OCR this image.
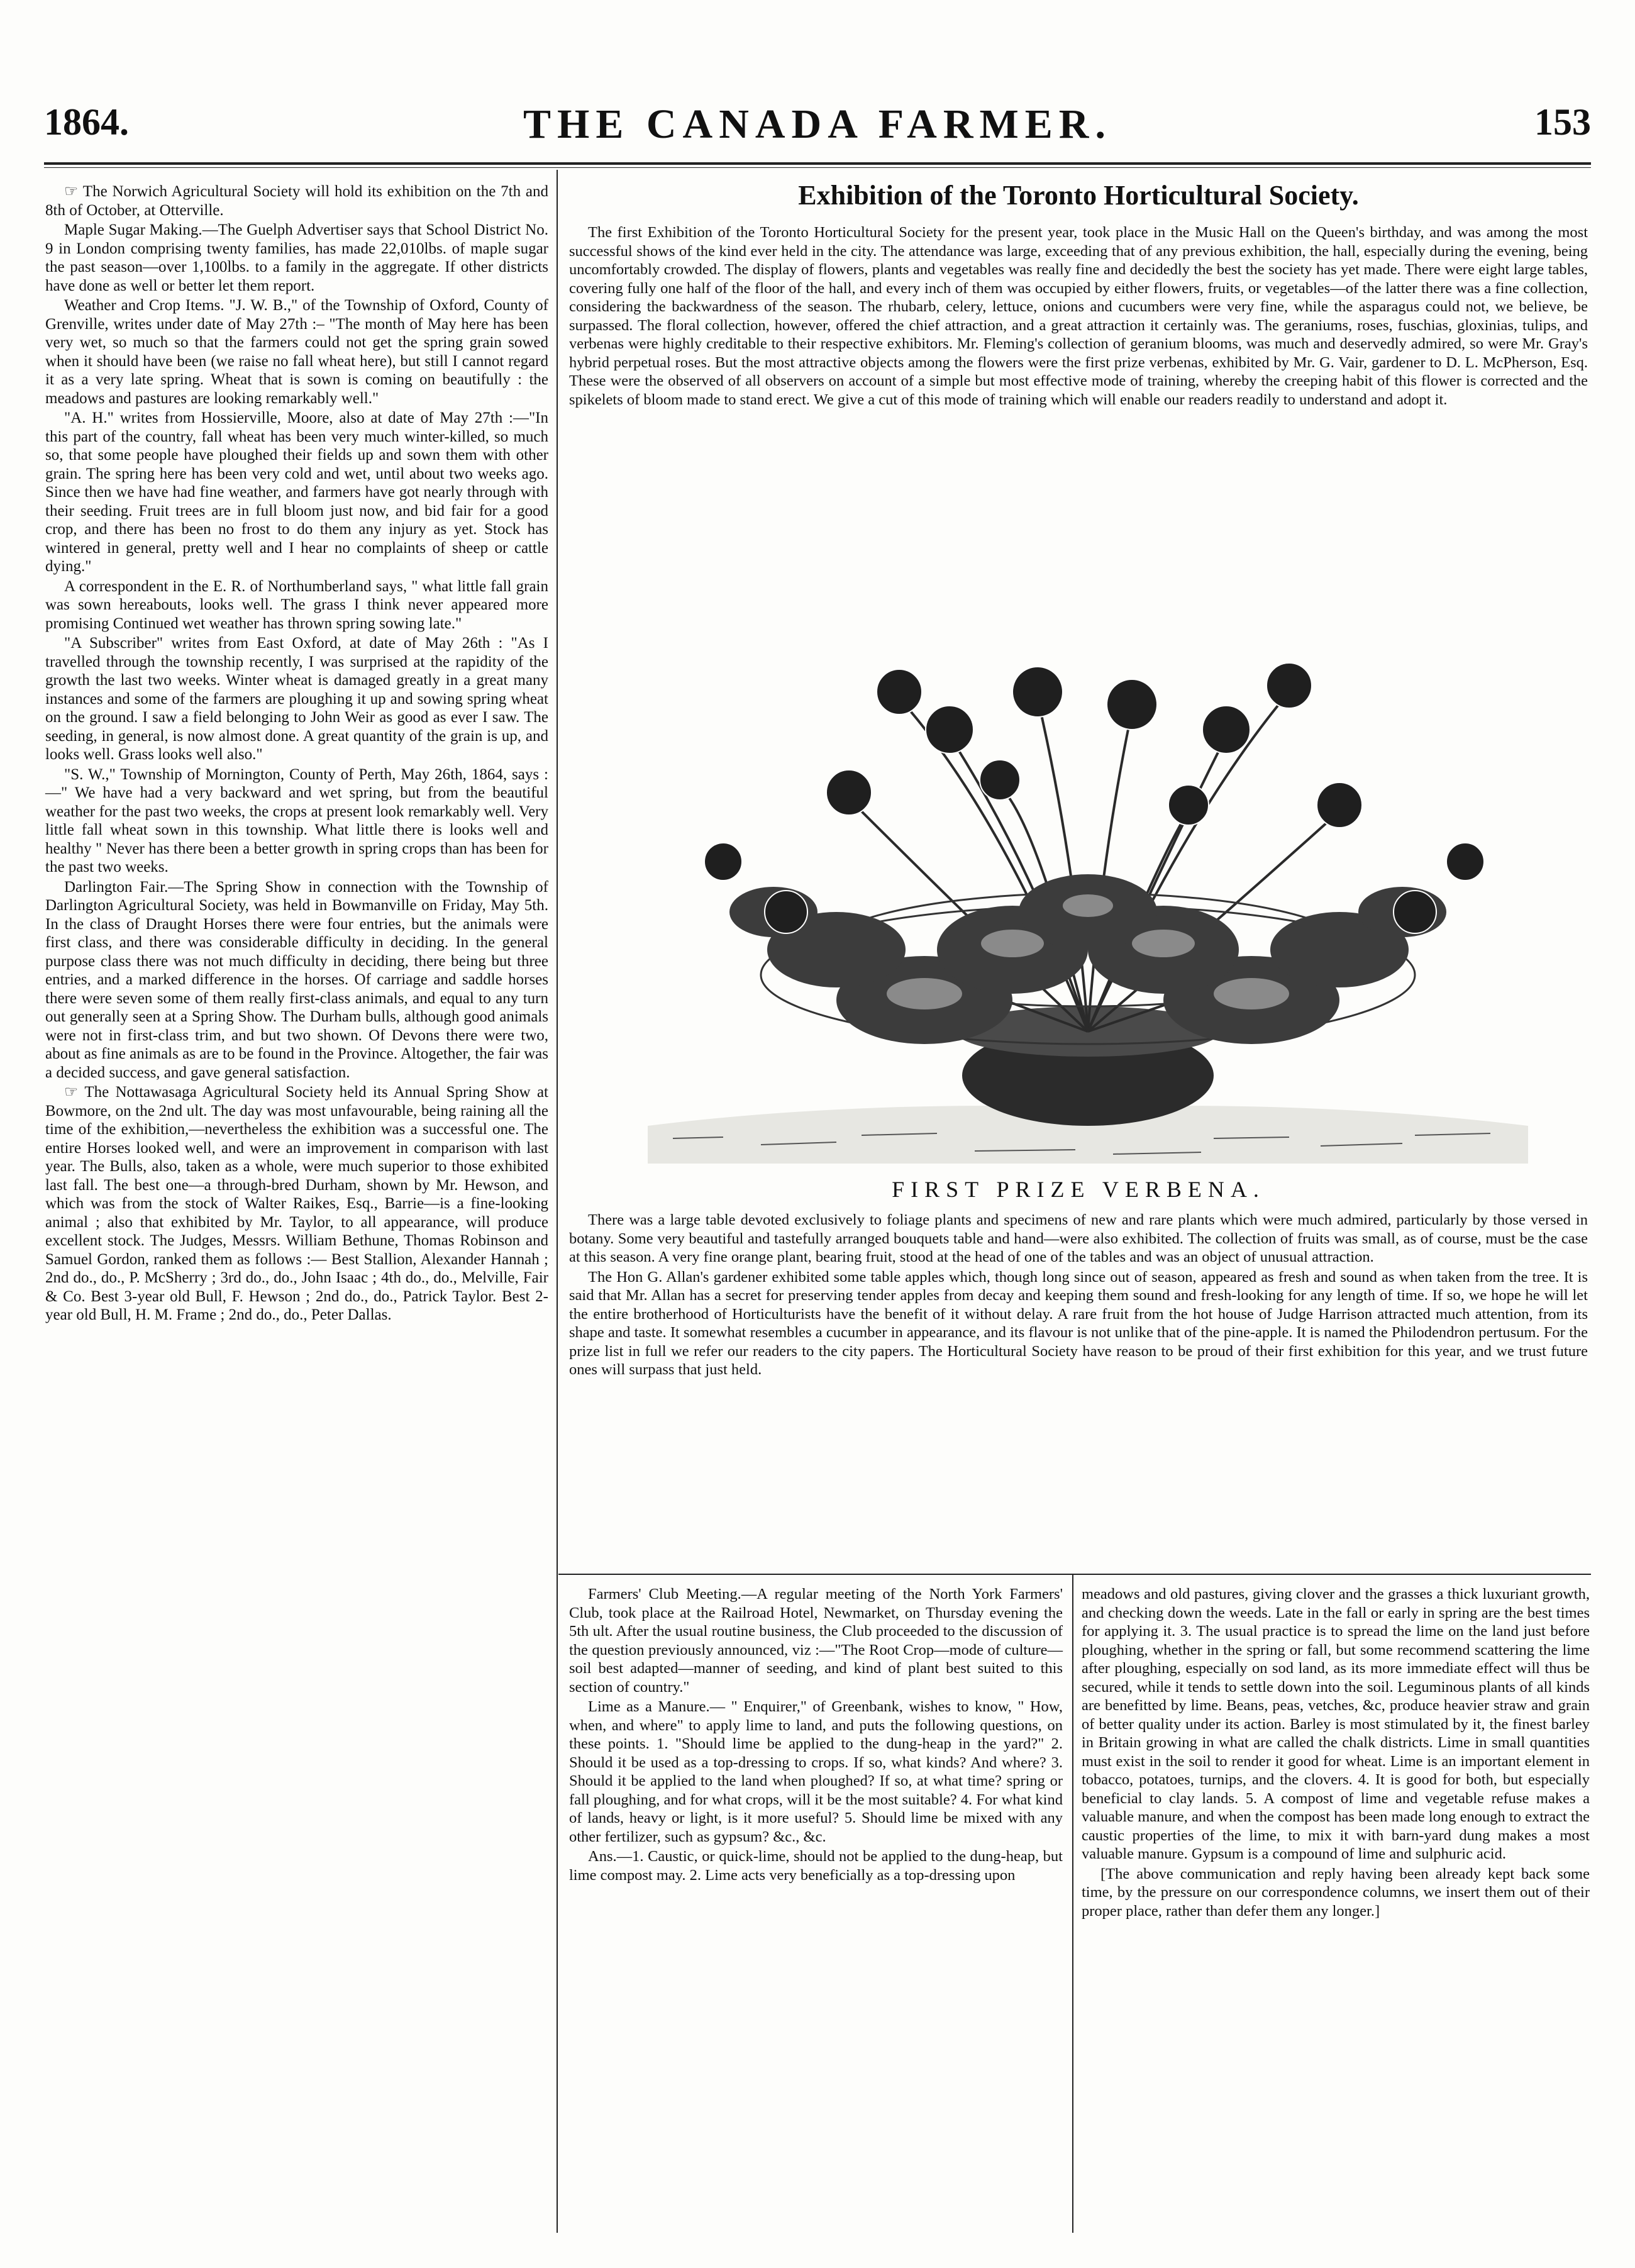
1864.	THE CANADA FARMER.	153

☞ The Norwich Agricultural Society will hold its exhibition on the 7th and 8th of October, at Otterville.

Maple Sugar Making.—The Guelph Advertiser says that School District No. 9 in London comprising twenty families, has made 22,010lbs. of maple sugar the past season—over 1,100lbs. to a family in the aggregate. If other districts have done as well or better let them report.

Weather and Crop Items. "J. W. B.," of the Township of Oxford, County of Grenville, writes under date of May 27th :– "The month of May here has been very wet, so much so that the farmers could not get the spring grain sowed when it should have been (we raise no fall wheat here), but still I cannot regard it as a very late spring. Wheat that is sown is coming on beautifully : the meadows and pastures are looking remarkably well."

"A. H." writes from Hossierville, Moore, also at date of May 27th :—"In this part of the country, fall wheat has been very much winter-killed, so much so, that some people have ploughed their fields up and sown them with other grain. The spring here has been very cold and wet, until about two weeks ago. Since then we have had fine weather, and farmers have got nearly through with their seeding. Fruit trees are in full bloom just now, and bid fair for a good crop, and there has been no frost to do them any injury as yet. Stock has wintered in general, pretty well and I hear no complaints of sheep or cattle dying."

A correspondent in the E. R. of Northumberland says, " what little fall grain was sown hereabouts, looks well. The grass I think never appeared more promising Continued wet weather has thrown spring sowing late."

"A Subscriber" writes from East Oxford, at date of May 26th : "As I travelled through the township recently, I was surprised at the rapidity of the growth the last two weeks. Winter wheat is damaged greatly in a great many instances and some of the farmers are ploughing it up and sowing spring wheat on the ground. I saw a field belonging to John Weir as good as ever I saw. The seeding, in general, is now almost done. A great quantity of the grain is up, and looks well. Grass looks well also."

"S. W.," Township of Mornington, County of Perth, May 26th, 1864, says :—" We have had a very backward and wet spring, but from the beautiful weather for the past two weeks, the crops at present look remarkably well. Very little fall wheat sown in this township. What little there is looks well and healthy " Never has there been a better growth in spring crops than has been for the past two weeks.

Darlington Fair.—The Spring Show in connection with the Township of Darlington Agricultural Society, was held in Bowmanville on Friday, May 5th. In the class of Draught Horses there were four entries, but the animals were first class, and there was considerable difficulty in deciding. In the general purpose class there was not much difficulty in deciding, there being but three entries, and a marked difference in the horses. Of carriage and saddle horses there were seven some of them really first-class animals, and equal to any turn out generally seen at a Spring Show. The Durham bulls, although good animals were not in first-class trim, and but two shown. Of Devons there were two, about as fine animals as are to be found in the Province. Altogether, the fair was a decided success, and gave general satisfaction.

☞ The Nottawasaga Agricultural Society held its Annual Spring Show at Bowmore, on the 2nd ult. The day was most unfavourable, being raining all the time of the exhibition,—nevertheless the exhibition was a successful one. The entire Horses looked well, and were an improvement in comparison with last year. The Bulls, also, taken as a whole, were much superior to those exhibited last fall. The best one—a through-bred Durham, shown by Mr. Hewson, and which was from the stock of Walter Raikes, Esq., Barrie—is a fine-looking animal ; also that exhibited by Mr. Taylor, to all appearance, will produce excellent stock. The Judges, Messrs. William Bethune, Thomas Robinson and Samuel Gordon, ranked them as follows :— Best Stallion, Alexander Hannah ; 2nd do., do., P. McSherry ; 3rd do., do., John Isaac ; 4th do., do., Melville, Fair & Co. Best 3-year old Bull, F. Hewson ; 2nd do., do., Patrick Taylor. Best 2-year old Bull, H. M. Frame ; 2nd do., do., Peter Dallas.

Exhibition of the Toronto Horticultural Society.

The first Exhibition of the Toronto Horticultural Society for the present year, took place in the Music Hall on the Queen's birthday, and was among the most successful shows of the kind ever held in the city. The attendance was large, exceeding that of any previous exhibition, the hall, especially during the evening, being uncomfortably crowded. The display of flowers, plants and vegetables was really fine and decidedly the best the society has yet made. There were eight large tables, covering fully one half of the floor of the hall, and every inch of them was occupied by either flowers, fruits, or vegetables—of the latter there was a fine collection, considering the backwardness of the season. The rhubarb, celery, lettuce, onions and cucumbers were very fine, while the asparagus could not, we believe, be surpassed. The floral collection, however, offered the chief attraction, and a great attraction it certainly was. The geraniums, roses, fuschias, gloxinias, tulips, and verbenas were highly creditable to their respective exhibitors. Mr. Fleming's collection of geranium blooms, was much and deservedly admired, so were Mr. Gray's hybrid perpetual roses. But the most attractive objects among the flowers were the first prize verbenas, exhibited by Mr. G. Vair, gardener to D. L. McPherson, Esq. These were the observed of all observers on account of a simple but most effective mode of training, whereby the creeping habit of this flower is corrected and the spikelets of bloom made to stand erect. We give a cut of this mode of training which will enable our readers readily to understand and adopt it.

FIRST PRIZE VERBENA.

There was a large table devoted exclusively to foliage plants and specimens of new and rare plants which were much admired, particularly by those versed in botany. Some very beautiful and tastefully arranged bouquets table and hand—were also exhibited. The collection of fruits was small, as of course, must be the case at this season. A very fine orange plant, bearing fruit, stood at the head of one of the tables and was an object of unusual attraction.

The Hon G. Allan's gardener exhibited some table apples which, though long since out of season, appeared as fresh and sound as when taken from the tree. It is said that Mr. Allan has a secret for preserving tender apples from decay and keeping them sound and fresh-looking for any length of time. If so, we hope he will let the entire brotherhood of Horticulturists have the benefit of it without delay. A rare fruit from the hot house of Judge Harrison attracted much attention, from its shape and taste. It somewhat resembles a cucumber in appearance, and its flavour is not unlike that of the pine-apple. It is named the Philodendron pertusum. For the prize list in full we refer our readers to the city papers. The Horticultural Society have reason to be proud of their first exhibition for this year, and we trust future ones will surpass that just held.

Farmers' Club Meeting.—A regular meeting of the North York Farmers' Club, took place at the Railroad Hotel, Newmarket, on Thursday evening the 5th ult. After the usual routine business, the Club proceeded to the discussion of the question previously announced, viz :—"The Root Crop—mode of culture—soil best adapted—manner of seeding, and kind of plant best suited to this section of country."

Lime as a Manure.— " Enquirer," of Greenbank, wishes to know, " How, when, and where" to apply lime to land, and puts the following questions, on these points. 1. "Should lime be applied to the dung-heap in the yard?" 2. Should it be used as a top-dressing to crops. If so, what kinds? And where? 3. Should it be applied to the land when ploughed? If so, at what time? spring or fall ploughing, and for what crops, will it be the most suitable? 4. For what kind of lands, heavy or light, is it more useful? 5. Should lime be mixed with any other fertilizer, such as gypsum? &c., &c.

Ans.—1. Caustic, or quick-lime, should not be applied to the dung-heap, but lime compost may. 2. Lime acts very beneficially as a top-dressing upon

meadows and old pastures, giving clover and the grasses a thick luxuriant growth, and checking down the weeds. Late in the fall or early in spring are the best times for applying it. 3. The usual practice is to spread the lime on the land just before ploughing, whether in the spring or fall, but some recommend scattering the lime after ploughing, especially on sod land, as its more immediate effect will thus be secured, while it tends to settle down into the soil. Leguminous plants of all kinds are benefitted by lime. Beans, peas, vetches, &c, produce heavier straw and grain of better quality under its action. Barley is most stimulated by it, the finest barley in Britain growing in what are called the chalk districts. Lime in small quantities must exist in the soil to render it good for wheat. Lime is an important element in tobacco, potatoes, turnips, and the clovers. 4. It is good for both, but especially beneficial to clay lands. 5. A compost of lime and vegetable refuse makes a valuable manure, and when the compost has been made long enough to extract the caustic properties of the lime, to mix it with barn-yard dung makes a most valuable manure. Gypsum is a compound of lime and sulphuric acid.

[The above communication and reply having been already kept back some time, by the pressure on our correspondence columns, we insert them out of their proper place, rather than defer them any longer.]
